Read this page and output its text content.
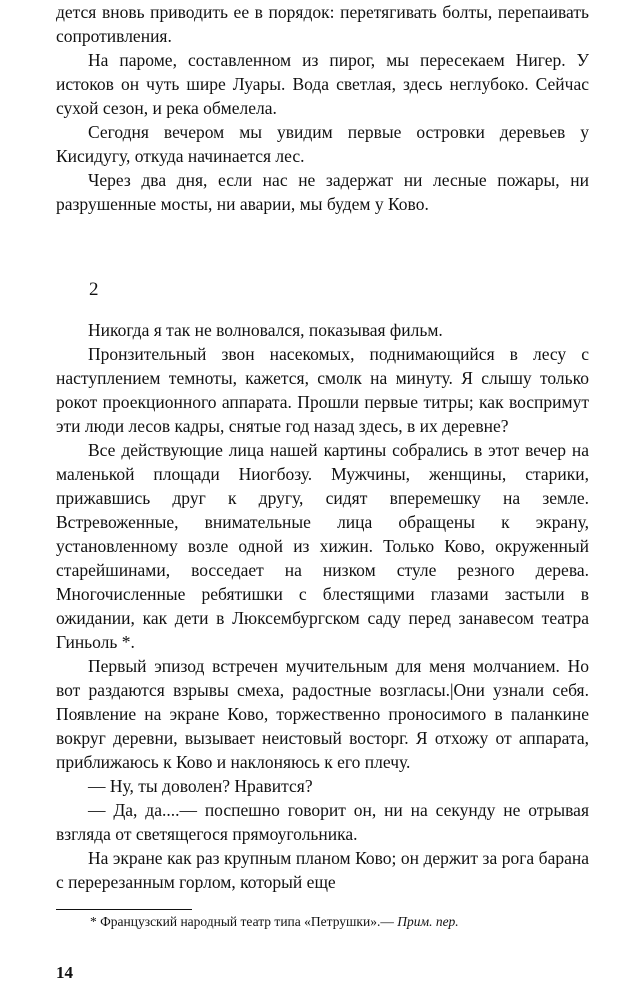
дется вновь приводить ее в порядок: перетягивать болты, перепаивать сопротивления.

На пароме, составленном из пирог, мы пересекаем Нигер. У истоков он чуть шире Луары. Вода светлая, здесь неглубоко. Сейчас сухой сезон, и река обмелела.

Сегодня вечером мы увидим первые островки деревьев у Кисидугу, откуда начинается лес.

Через два дня, если нас не задержат ни лесные пожары, ни разрушенные мосты, ни аварии, мы будем у Ково.

2

Никогда я так не волновался, показывая фильм.

Пронзительный звон насекомых, поднимающийся в лесу с наступлением темноты, кажется, смолк на минуту. Я слышу только рокот проекционного аппарата. Прошли первые титры; как воспримут эти люди лесов кадры, снятые год назад здесь, в их деревне?

Все действующие лица нашей картины собрались в этот вечер на маленькой площади Ниогбозу. Мужчины, женщины, старики, прижавшись друг к другу, сидят вперемешку на земле. Встревоженные, внимательные лица обращены к экрану, установленному возле одной из хижин. Только Ково, окруженный старейшинами, восседает на низком стуле резного дерева. Многочисленные ребятишки с блестящими глазами застыли в ожидании, как дети в Люксембургском саду перед занавесом театра Гиньоль *.

Первый эпизод встречен мучительным для меня молчанием. Но вот раздаются взрывы смеха, радостные возгласы.|Они узнали себя. Появление на экране Ково, торжественно проносимого в паланкине вокруг деревни, вызывает неистовый восторг. Я отхожу от аппарата, приближаюсь к Ково и наклоняюсь к его плечу.

— Ну, ты доволен? Нравится?

— Да, да....— поспешно говорит он, ни на секунду не отрывая взгляда от светящегося прямоугольника.

На экране как раз крупным планом Ково; он держит за рога барана с перерезанным горлом, который еще

* Французский народный театр типа «Петрушки».— Прим. пер.
14
